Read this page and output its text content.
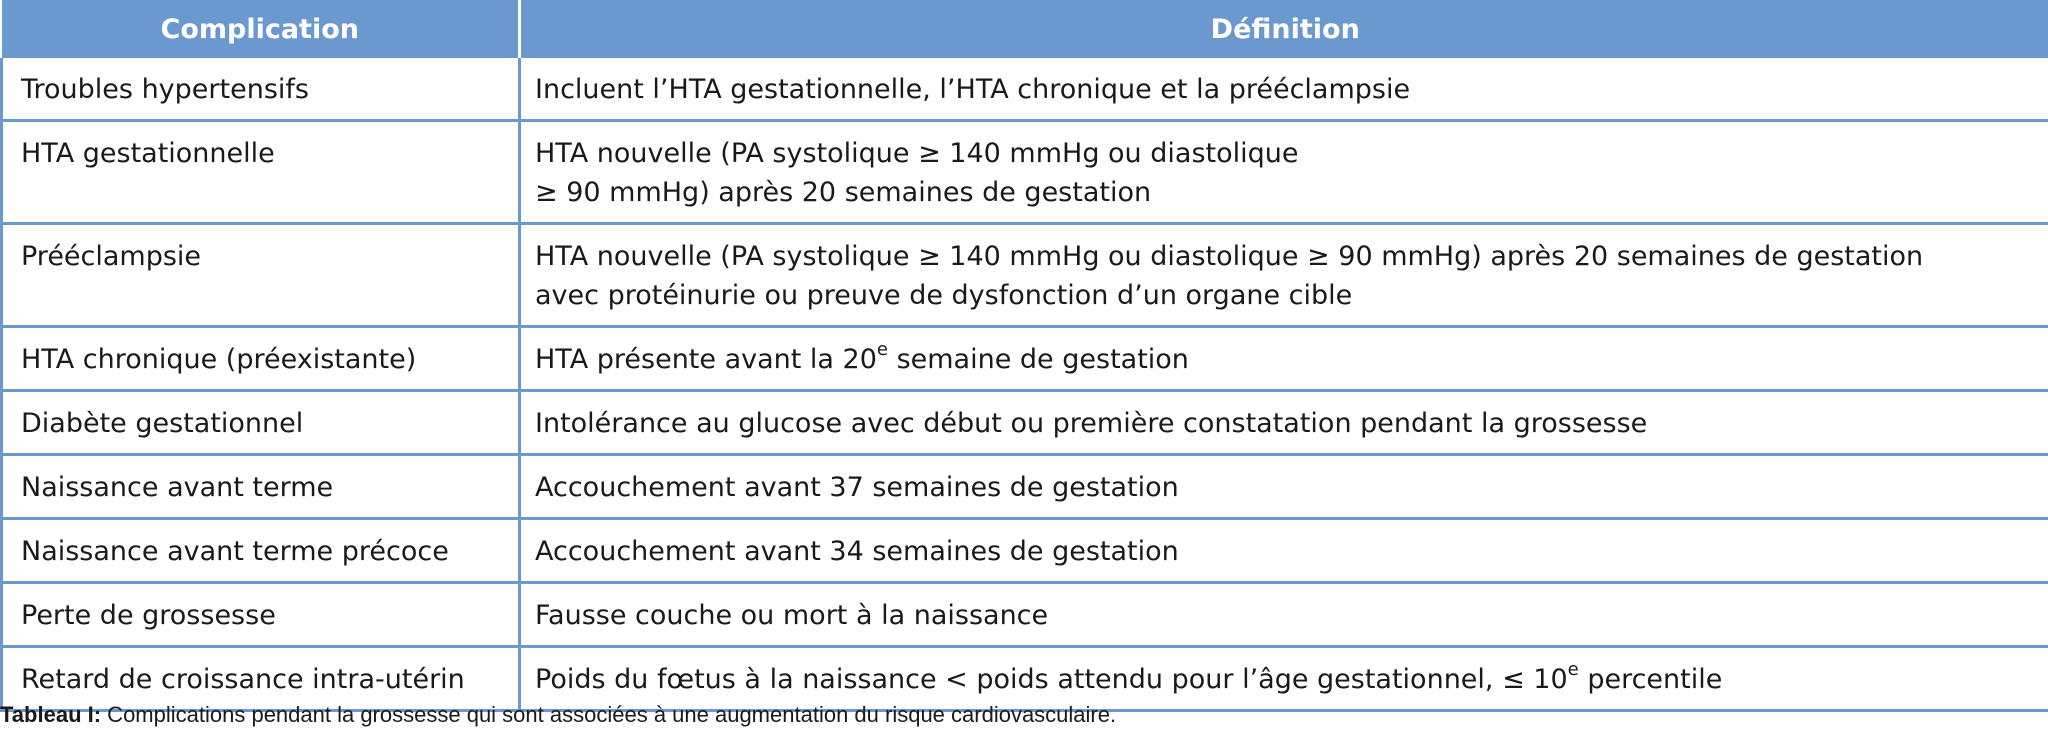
Complication	Définition
Troubles hypertensifs	Incluent l’HTA gestationnelle, l’HTA chronique et la prééclampsie

HTA gestationnelle	HTA nouvelle (PA systolique ≥ 140 mmHg ou diastolique
≥ 90 mmHg) après 20 semaines de gestation

Prééclampsie	HTA nouvelle (PA systolique ≥ 140 mmHg ou diastolique ≥ 90 mmHg) après 20 semaines de gestation
avec protéinurie ou preuve de dysfonction d’un organe cible

HTA chronique (préexistante)	HTA présente avant la 20e semaine de gestation

Diabète gestationnel	Intolérance au glucose avec début ou première constatation pendant la grossesse

Naissance avant terme	Accouchement avant 37 semaines de gestation

Naissance avant terme précoce	Accouchement avant 34 semaines de gestation

Perte de grossesse	Fausse couche ou mort à la naissance

Retard de croissance intra-utérin	Poids du fœtus à la naissance < poids attendu pour l’âge gestationnel, ≤ $10^e$ percentile
Tableau I: Complications pendant la grossesse qui sont associées à une augmentation du risque cardiovasculaire.
